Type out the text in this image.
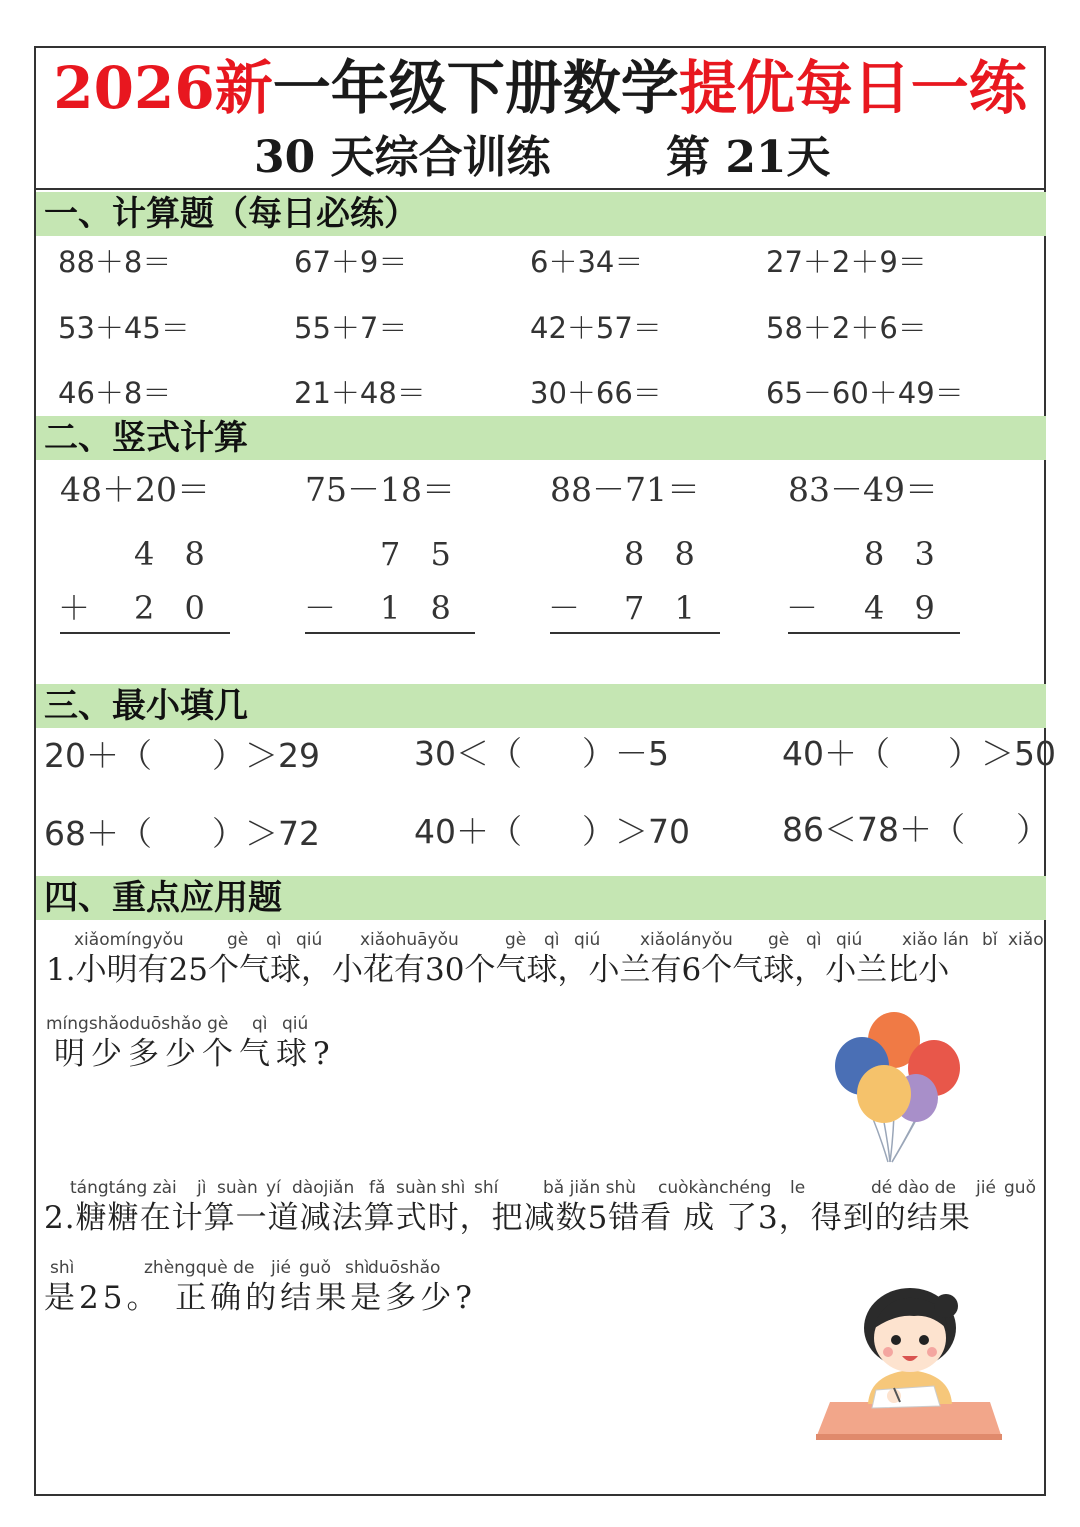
2026新一年级下册数学提优每日一练
30 天综合训练	第 21天
一、计算题（每日必练）
88＋8＝	67＋9＝	6＋34＝	27＋2＋9＝
53＋45＝	55＋7＝	42＋57＝	58＋2＋6＝
46＋8＝	21＋48＝	30＋66＝	65－60＋49＝
二、竖式计算
48＋20＝	75－18＝	88－71＝	83－49＝
4 8	7 5	8 8	8 3
＋	－	－	－
2 0	1 8	7 1	4 9
三、最小填几
20＋（ ）＞29	30＜（ ）－5	40＋（ ）＞50
68＋（ ）＞72	40＋（ ）＞70	86＜78＋（ ）
四、重点应用题
xiǎomíngyǒu	gè qì qiú xiǎohuāyǒu	gè qì qiú xiǎolányǒu gè qì qiú xiǎo lán bǐ xiǎo
1.小明有25个气球，小花有30个气球，小兰有6个气球，小兰比小
míngshǎoduōshǎo gè qì qiú
明少多少个气球?
tángtáng zài jì suàn yí dàojiǎn fǎ suàn shì shí	bǎ jiǎn shù cuòkànchéng le	dé dào de jié guǒ
2.糖糖在计算一道减法算式时，把减数5错看 成 了3，得到的结果
shì	zhèngquè de jié guǒ shì
duōshǎo
是25。 正确的结果是多少?
